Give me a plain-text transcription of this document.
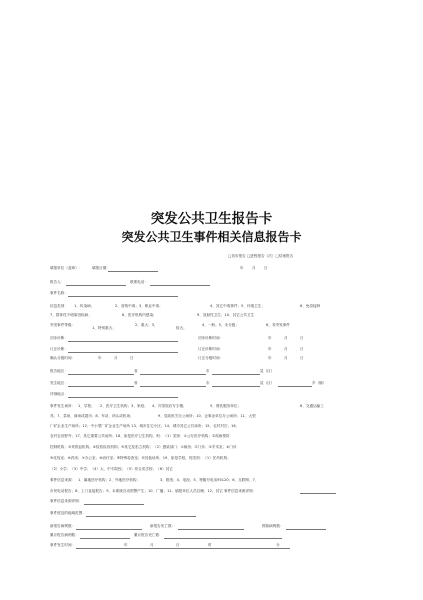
突发公共卫生报告卡
突发公共卫生事件相关信息报告卡
□初步报告 □进程报告（次）□结案报告
填报单位（盖章）：	填报日期：	年 月 日
报告人：	联系电话：
事件名称：
信息类别： 1、传染病；	2、食物中毒；3、职业中毒；	4、其它中毒事件；5、环境卫生；	6、免疫接种
7、群体性不明原因疾病；	8、医疗机构内感染；	9、放射性卫生；10、其它公共卫生
突发事件等级：
1、特别重大；
2、重大；3、
较大；
4、一般；5、未分级；	6、非突发事件
初步诊断：	初步诊断时间：	年	月	日
订正诊断：	订正诊断时间：	年	月	日
确认分级时间：	年	月	日	订正分级时间：	年	月	日
报告地区：	省	市	县（区）
发生地区：	省	市	县（区）	乡（镇）
详细地点：
事件发生场所： 1、学校； 2、医疗卫生机构；3、家庭； 4、宾馆饭店写字楼；	5、餐饮服务单位；	6、交通运输工
具；7、菜场、商场或超市；8、车站、码头或机场；	9、党政机关办公场所；10、企事业单位办公场所；11、大型
厂矿企业生产场所；12、中小型厂矿企业生产场所 13、城市住宅小区；14、城市其它公共场所；15、农村村庄；16、
农村农田野外；17、其它重要公共场所；18、如是医疗卫生机构，则：（1）类别：①公办医疗机构；②疾病预防
控制机构；③采供血机构；④检验检疫机构；⑤其它及私立机构；（2）感染部门：①病房；②门诊；③手术室；④门诊
⑤化验室；⑥药房；⑦办公室；⑧治疗室；⑨特殊检查室；⑩其他场所；19、如是学校，则类别：（1）托幼机构；
（2）小学；（3）中学；（4）大、中专院校；（5）综合类学校；（6）其它
事件信息来源： 1、属地医疗机构；2、外地医疗机构；	3、报纸；4、电视；5、特服号电话95120；6、互联网；7、
市民电话报告；8、上门直接报告；9、本系统自动预警产生；10、广播；11、填报单位人员目睹；12、其它 事件信息来源详细：
事件信息来源详细：
事件波及的地域范围：
新报告病例数：	新报告死亡数：	排除病例数：
累计报告病例数：	累计报告死亡数：
事件发生时间：	年	月	日	时	分
